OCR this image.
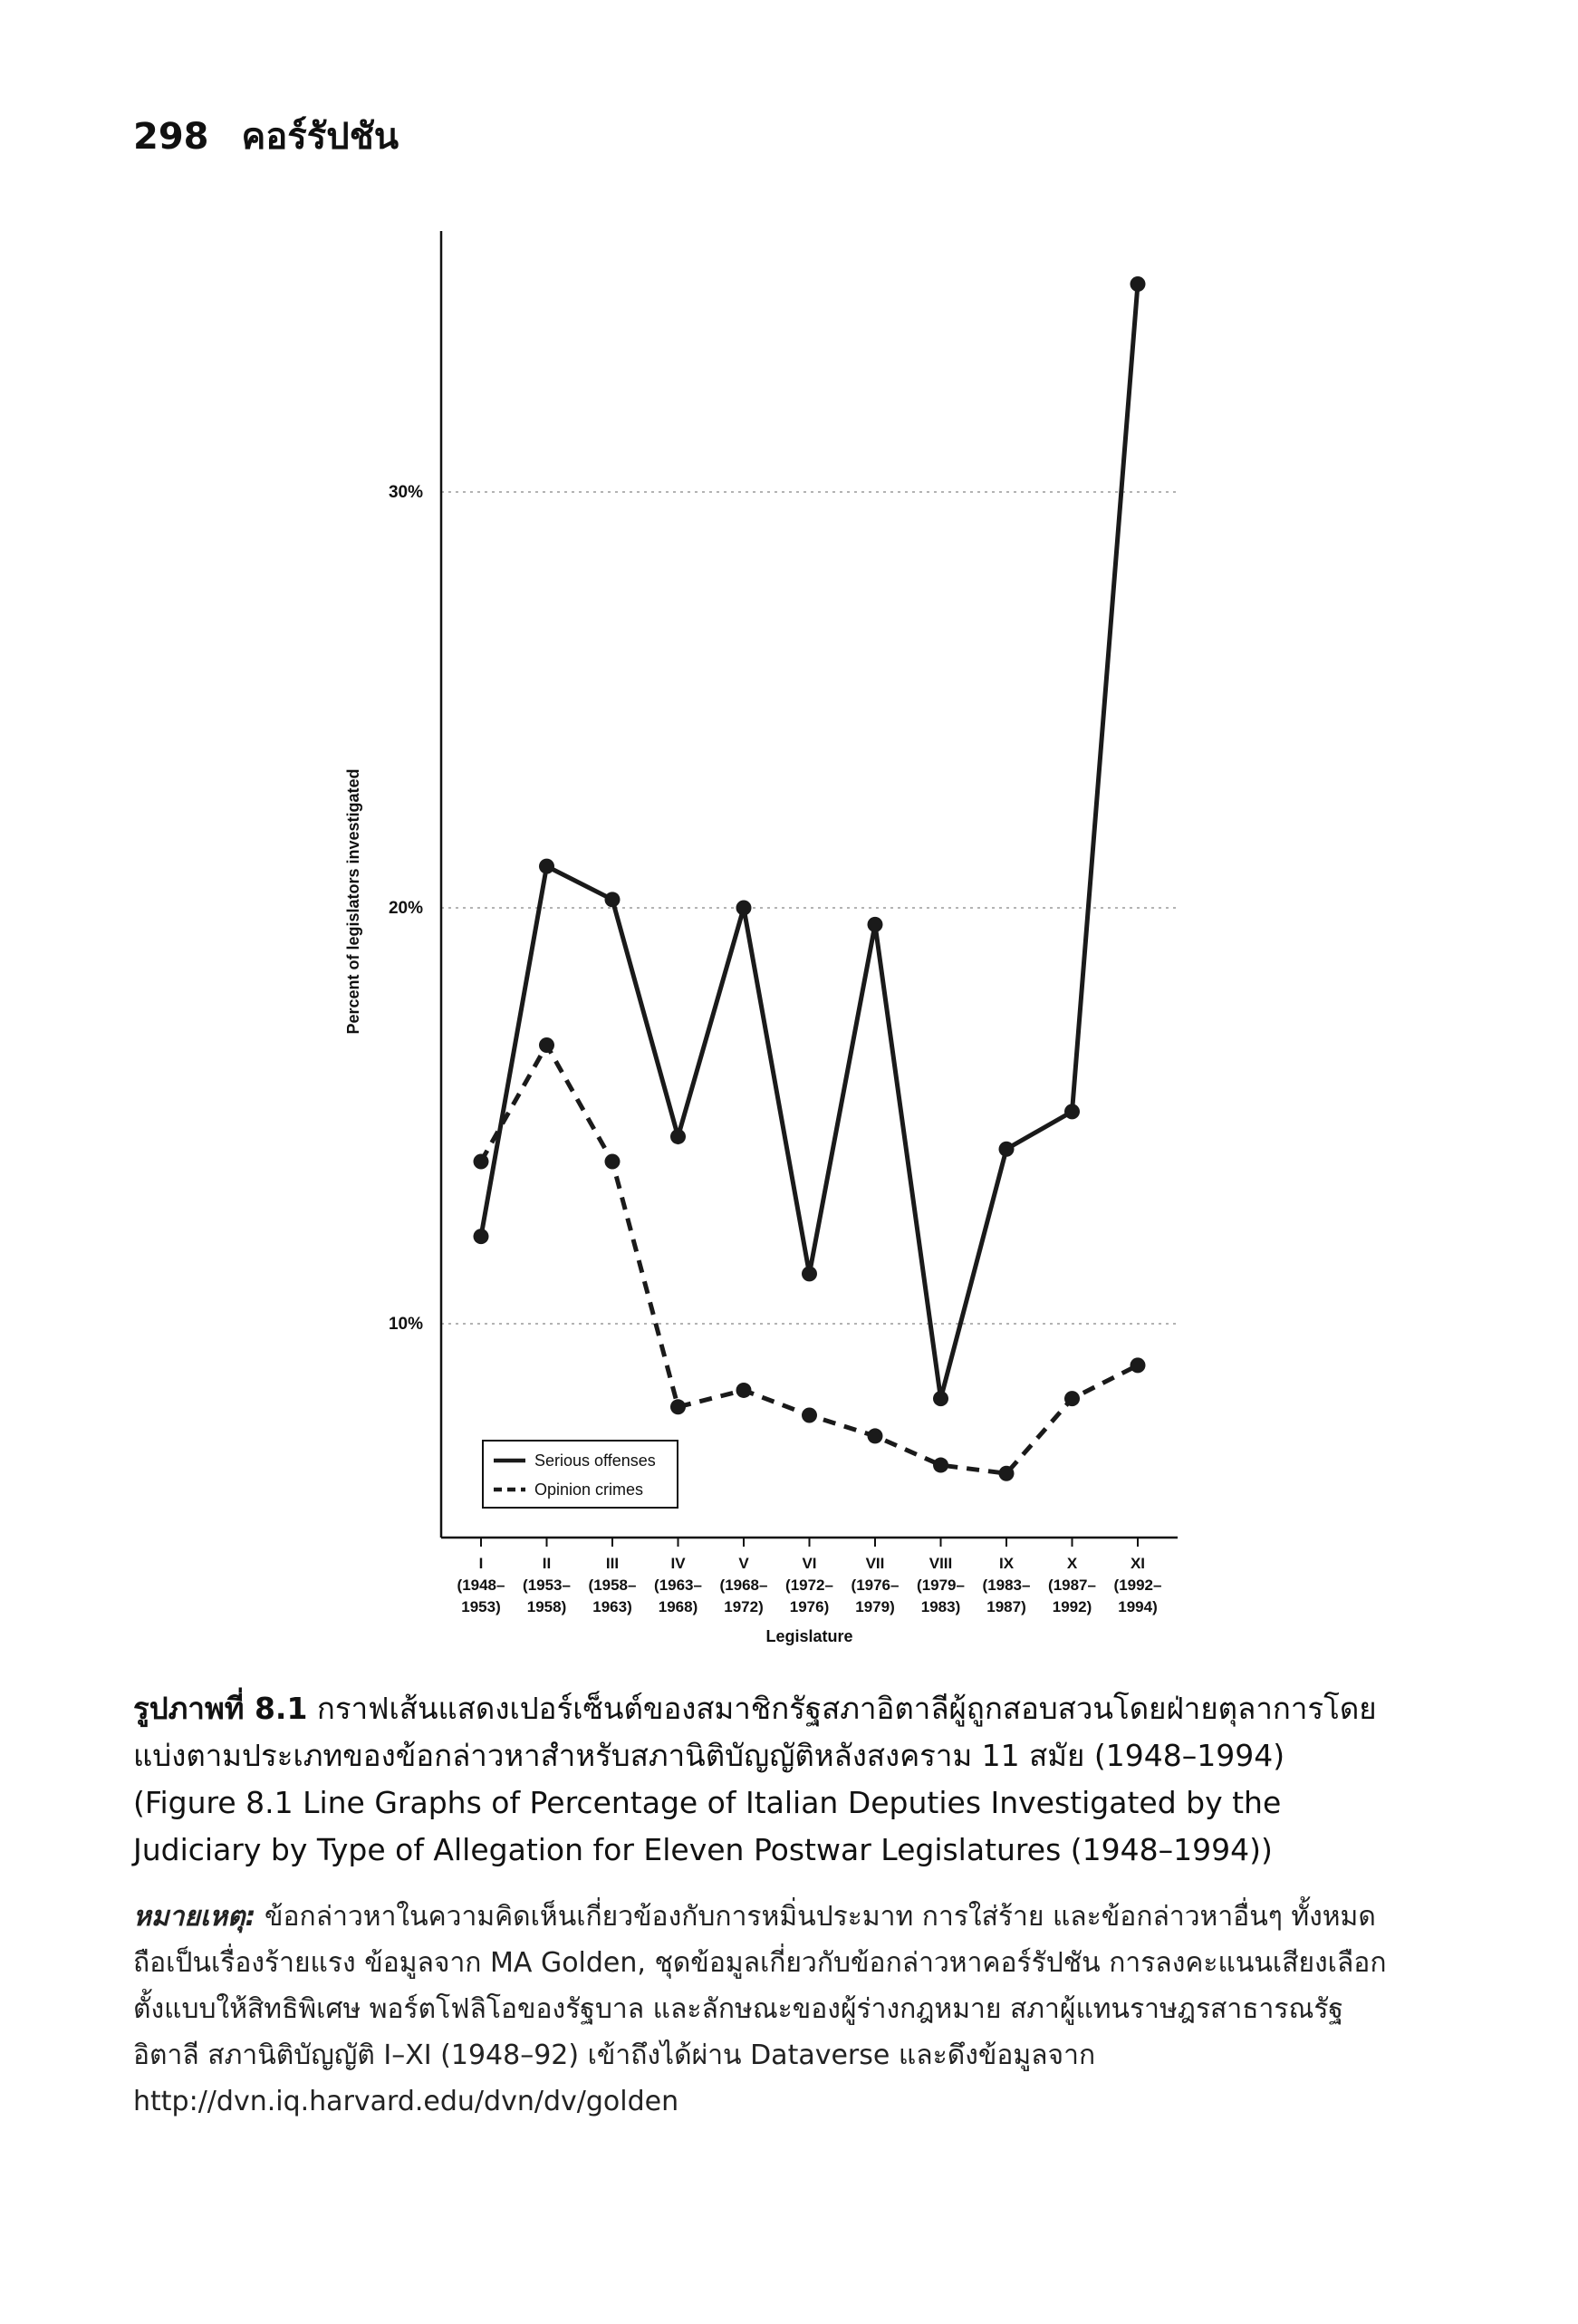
298 คอร์รัปชัน
10%
20%
30%
I
(1948–
1953)
II
(1953–
1958)
III
(1958–
1963)
IV
(1963–
1968)
V
(1968–
1972)
VI
(1972–
1976)
VII
(1976–
1979)
VIII
(1979–
1983)
IX
(1983–
1987)
X
(1987–
1992)
XI
(1992–
1994)
Legislature
Percent of legislators investigated
Serious offenses
Opinion crimes
รูปภาพที่ 8.1 กราฟเส้นแสดงเปอร์เซ็นต์ของสมาชิกรัฐสภาอิตาลีผู้ถูกสอบสวนโดยฝ่ายตุลาการโดยแบ่งตามประเภทของข้อกล่าวหาสำหรับสภานิติบัญญัติหลังสงคราม 11 สมัย (1948–1994)
(Figure 8.1 Line Graphs of Percentage of Italian Deputies Investigated by the Judiciary by Type of Allegation for Eleven Postwar Legislatures (1948–1994))
หมายเหตุ: ข้อกล่าวหาในความคิดเห็นเกี่ยวข้องกับการหมิ่นประมาท การใส่ร้าย และข้อกล่าวหาอื่นๆ ทั้งหมด ถือเป็นเรื่องร้ายแรง ข้อมูลจาก MA Golden, ชุดข้อมูลเกี่ยวกับข้อกล่าวหาคอร์รัปชัน การลงคะแนนเสียงเลือกตั้งแบบให้สิทธิพิเศษ พอร์ตโฟลิโอของรัฐบาล และลักษณะของผู้ร่างกฎหมาย สภาผู้แทนราษฎรสาธารณรัฐอิตาลี สภานิติบัญญัติ I–XI (1948–92) เข้าถึงได้ผ่าน Dataverse และดึงข้อมูลจาก http://dvn.iq.harvard.edu/dvn/dv/golden
